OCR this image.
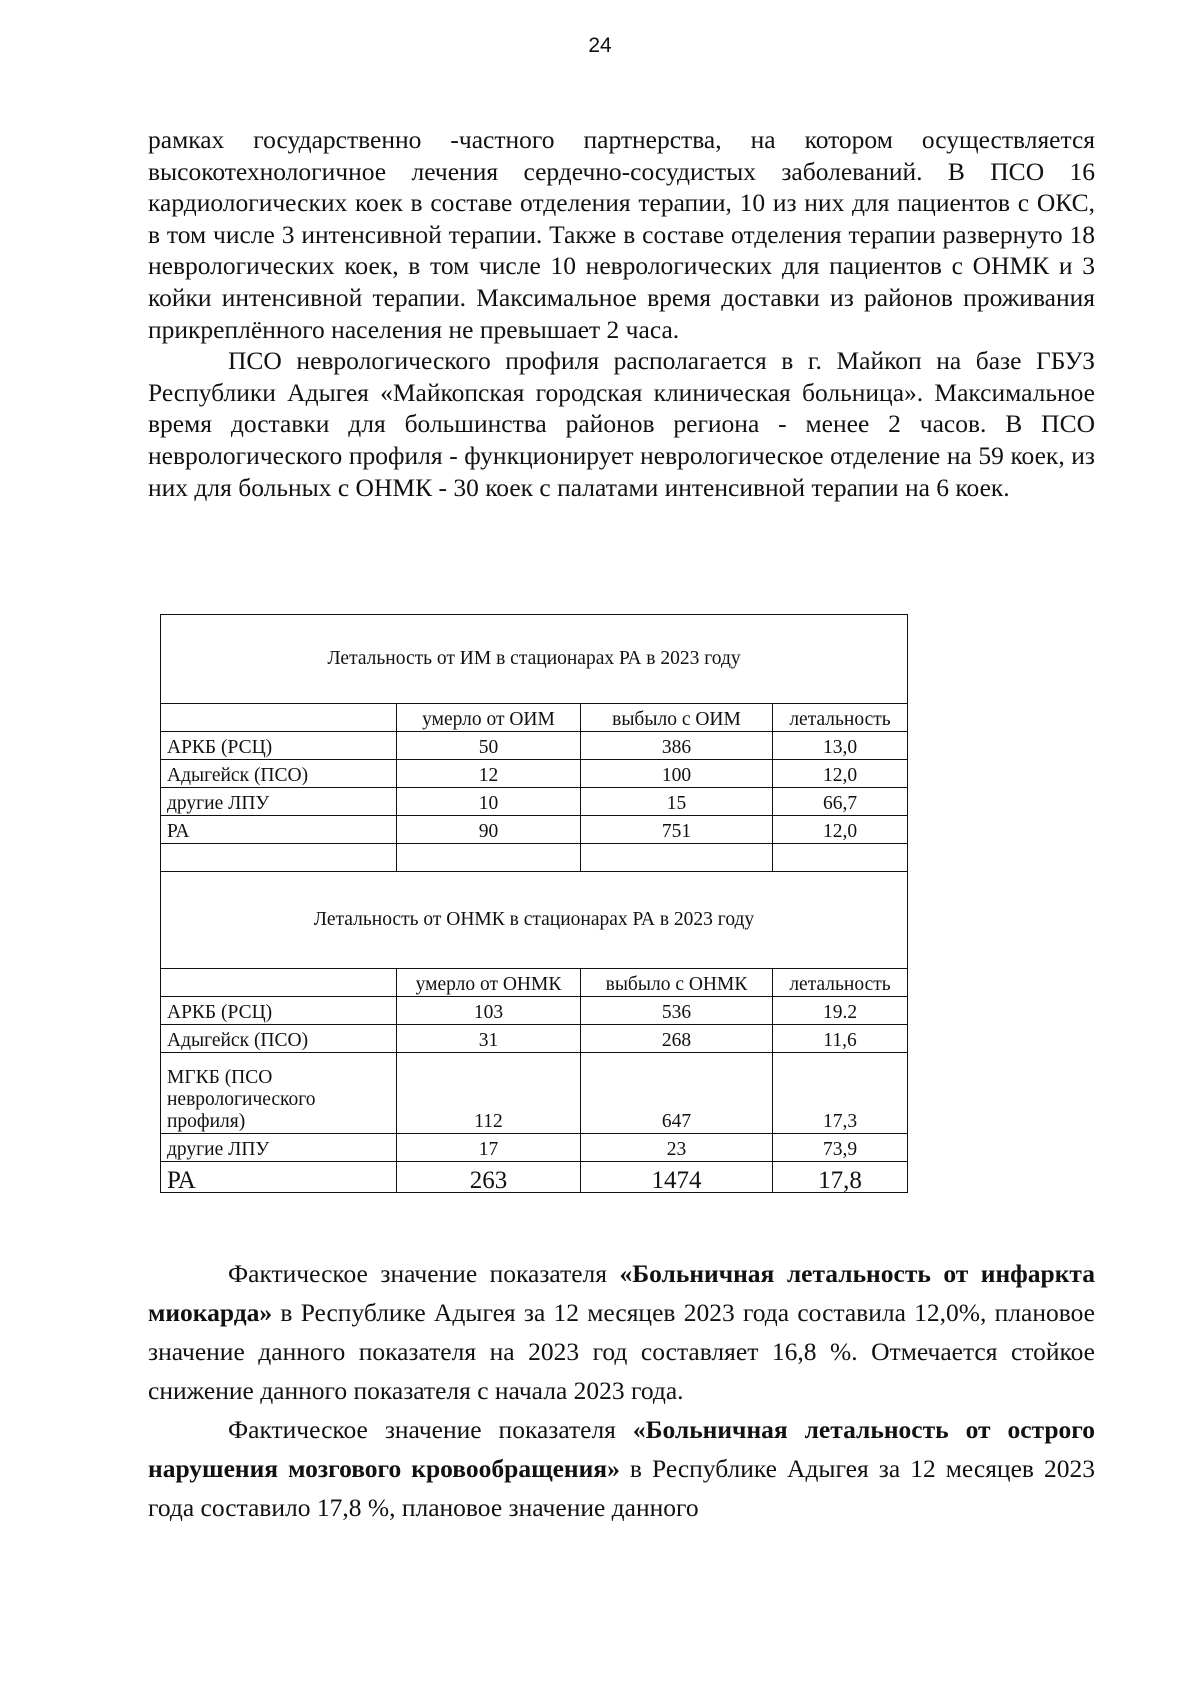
24

рамках государственно -частного партнерства, на котором осуществляется высокотехнологичное лечения сердечно-сосудистых заболеваний. В ПСО 16 кардиологических коек в составе отделения терапии, 10 из них для пациентов с ОКС, в том числе 3 интенсивной терапии. Также в составе отделения терапии развернуто 18 неврологических коек, в том числе 10 неврологических для пациентов с ОНМК и 3 койки интенсивной терапии. Максимальное время доставки из районов проживания прикреплённого населения не превышает 2 часа.

ПСО неврологического профиля располагается в г. Майкоп на базе ГБУЗ Республики Адыгея «Майкопская городская клиническая больница». Максимальное время доставки для большинства районов региона - менее 2 часов. В ПСО неврологического профиля - функционирует неврологическое отделение на 59 коек, из них для больных с ОНМК - 30 коек с палатами интенсивной терапии на 6 коек.

Летальность от ИМ в стационарах РА в 2023 году			
	умерло от ОИМ	выбыло с ОИМ	летальность
АРКБ (РСЦ)	50	386	13,0
Адыгейск (ПСО)	12	100	12,0
другие ЛПУ	10	15	66,7
РА	90	751	12,0

Летальность от ОНМК в стационарах РА в 2023 году			
	умерло от ОНМК	выбыло с ОНМК	летальность
АРКБ (РСЦ)	103	536	19.2
Адыгейск (ПСО)	31	268	11,6
МГКБ (ПСО неврологического профиля)	112	647	17,3
другие ЛПУ	17	23	73,9
РА	263	1474	17,8

Фактическое значение показателя «Больничная летальность от инфаркта миокарда» в Республике Адыгея за 12 месяцев 2023 года составила 12,0%, плановое значение данного показателя на 2023 год составляет 16,8 %. Отмечается стойкое снижение данного показателя с начала 2023 года.

Фактическое значение показателя «Больничная летальность от острого нарушения мозгового кровообращения» в Республике Адыгея за 12 месяцев 2023 года составило 17,8 %, плановое значение данного
